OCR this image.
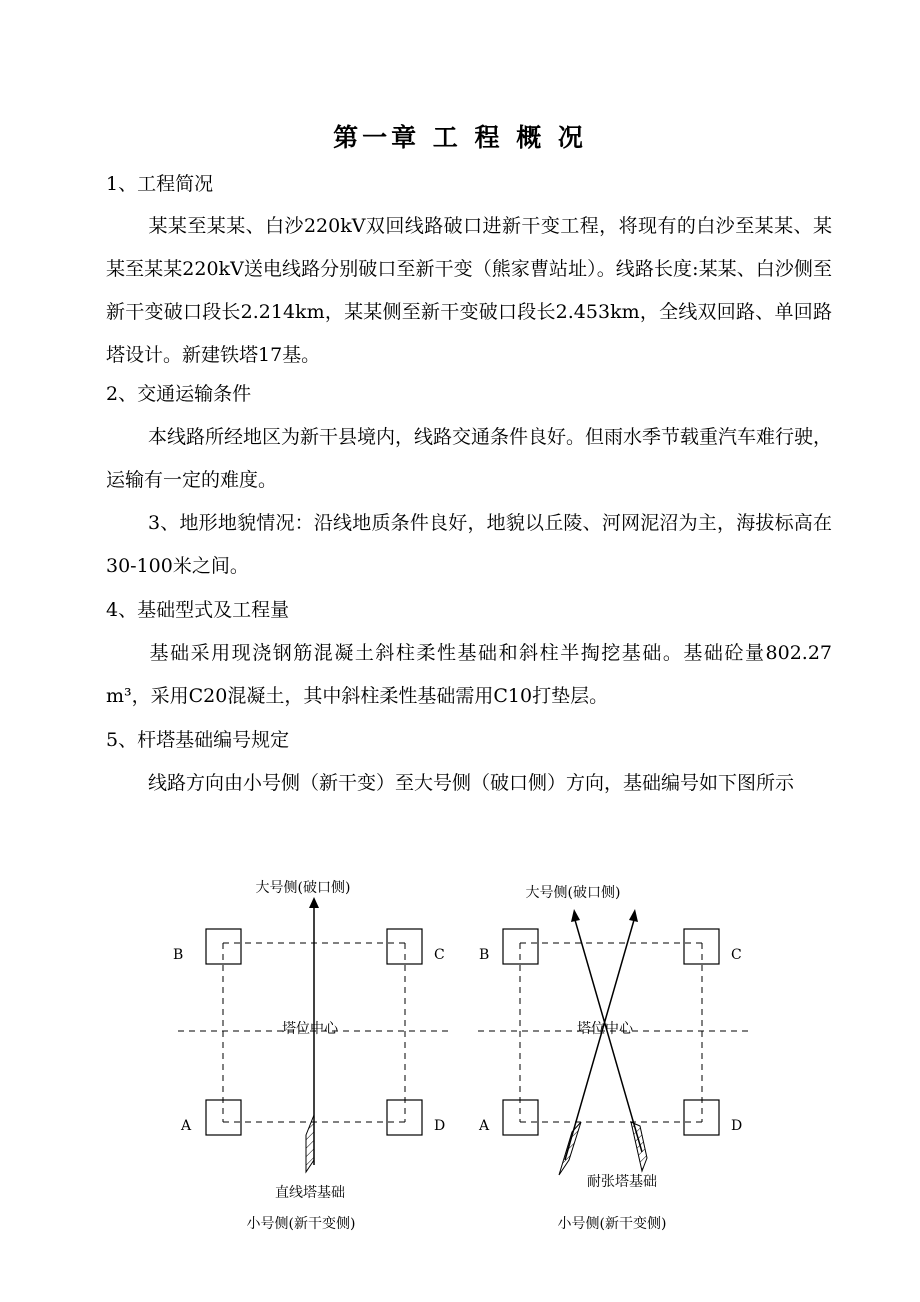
第一章 工 程 概 况
1、工程简况
某某至某某、白沙220kV双回线路破口进新干变工程，将现有的白沙至某某、某某至某某220kV送电线路分别破口至新干变（熊家曹站址）。线路长度:某某、白沙侧至新干变破口段长2.214km，某某侧至新干变破口段长2.453km，全线双回路、单回路塔设计。新建铁塔17基。
2、交通运输条件
本线路所经地区为新干县境内，线路交通条件良好。但雨水季节载重汽车难行驶，运输有一定的难度。
3、地形地貌情况：沿线地质条件良好，地貌以丘陵、河网泥沼为主，海拔标高在30-100米之间。
4、基础型式及工程量
基础采用现浇钢筋混凝土斜柱柔性基础和斜柱半掏挖基础。基础砼量802.27 m³，采用C20混凝土，其中斜柱柔性基础需用C10打垫层。
5、杆塔基础编号规定
线路方向由小号侧（新干变）至大号侧（破口侧）方向，基础编号如下图所示
大号侧(破口侧)
塔位中心
B	C
A	D
直线塔基础
小号侧(新干变侧)
大号侧(破口侧)
塔位中心
B	C
A	D
耐张塔基础
小号侧(新干变侧)
